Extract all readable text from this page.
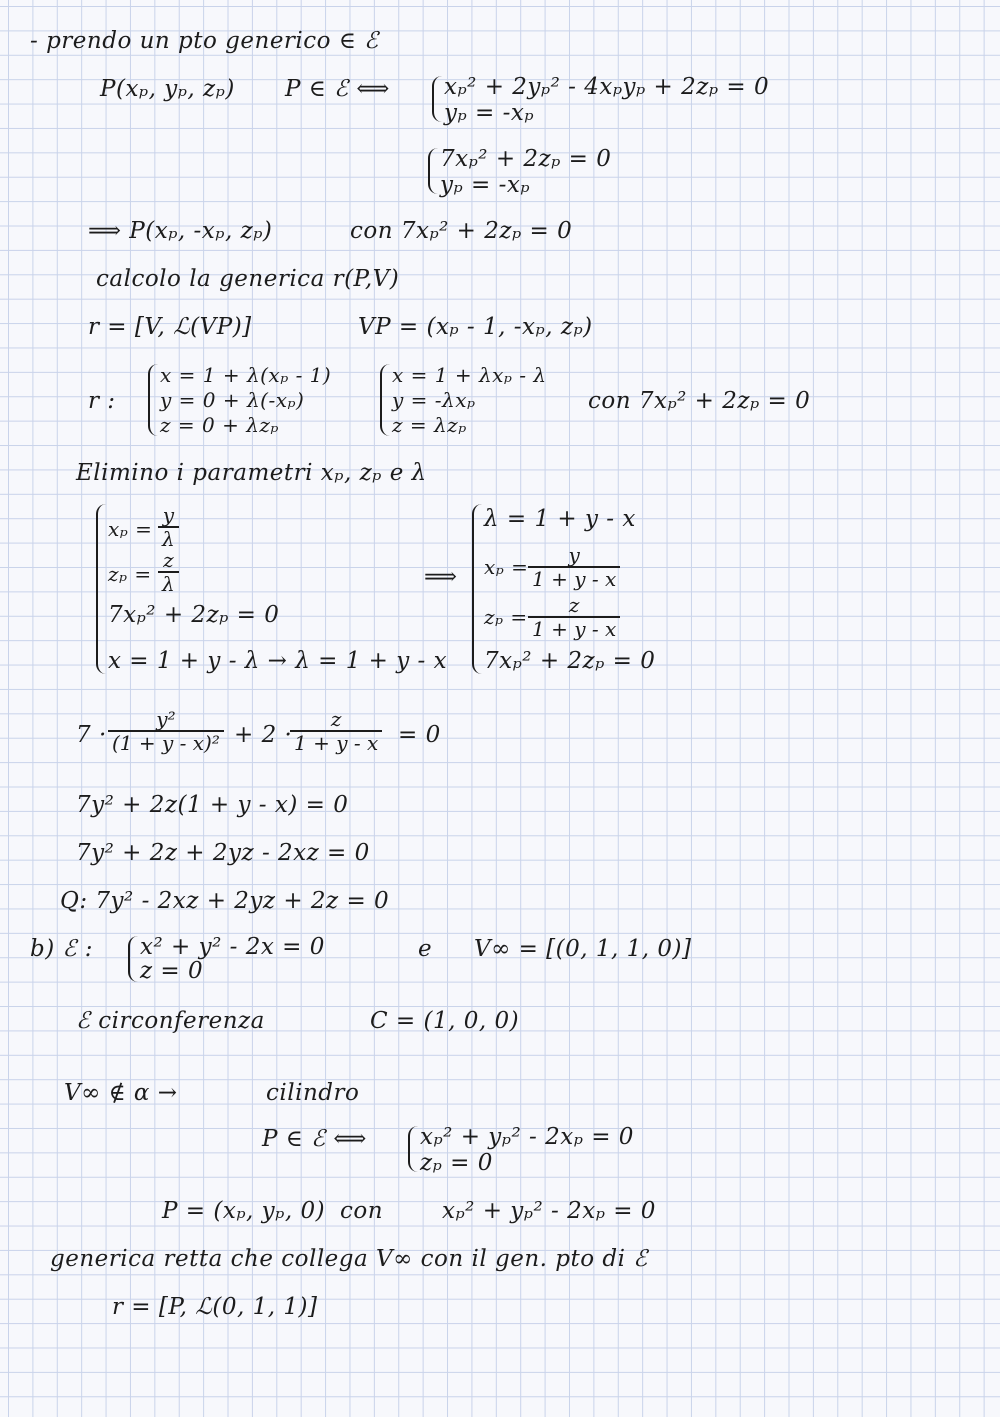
- prendo un pto generico ∈ ℰ
P(xₚ, yₚ, zₚ) P ∈ ℰ ⟺ xₚ² + 2yₚ² - 4xₚyₚ + 2zₚ = 0
yₚ = -xₚ
7xₚ² + 2zₚ = 0
yₚ = -xₚ
⟹ P(xₚ, -xₚ, zₚ)	con 7xₚ² + 2zₚ = 0
calcolo la generica r(P,V)
r = [V, ℒ(VP)]	VP = (xₚ - 1, -xₚ, zₚ)
r :
x = 1 + λ(xₚ - 1)
y = 0 + λ(-xₚ)
z = 0 + λzₚ
x = 1 + λxₚ - λ
y = -λxₚ
z = λzₚ
con 7xₚ² + 2zₚ = 0
Elimino i parametri xₚ, zₚ e λ
$x_p = \frac{y}{\lambda}$
$z_p = \frac{z}{\lambda}$
7xₚ² + 2zₚ = 0
x = 1 + y - λ → λ = 1 + y - x
⟹
λ = 1 + y - x
$x_p = \frac{y}{1 + y - x}$
$z_p = \frac{z}{1 + y - x}$
7xₚ² + 2zₚ = 0
$7 \cdot \frac{\text{y²}}{\text{(1 + y - x)²}} + 2$ ·
$\frac{z}{1 + y - x} = 0$
7y² + 2z(1 + y - x) = 0
7y² + 2z + 2yz - 2xz = 0
Q: 7y² - 2xz + 2yz + 2z = 0
b) ℰ : x² + y² - 2x = 0
z = 0
e V∞ = [(0, 1, 1, 0)]
ℰ circonferenza	C = (1, 0, 0)
V∞ ∉ α →	cilindro
P ∈ ℰ ⟺ xₚ² + yₚ² - 2xₚ = 0
zₚ = 0
P = (xₚ, yₚ, 0) con	xₚ² + yₚ² - 2xₚ = 0
generica retta che collega V∞ con il gen. pto di ℰ
r = [P, ℒ(0, 1, 1)]
